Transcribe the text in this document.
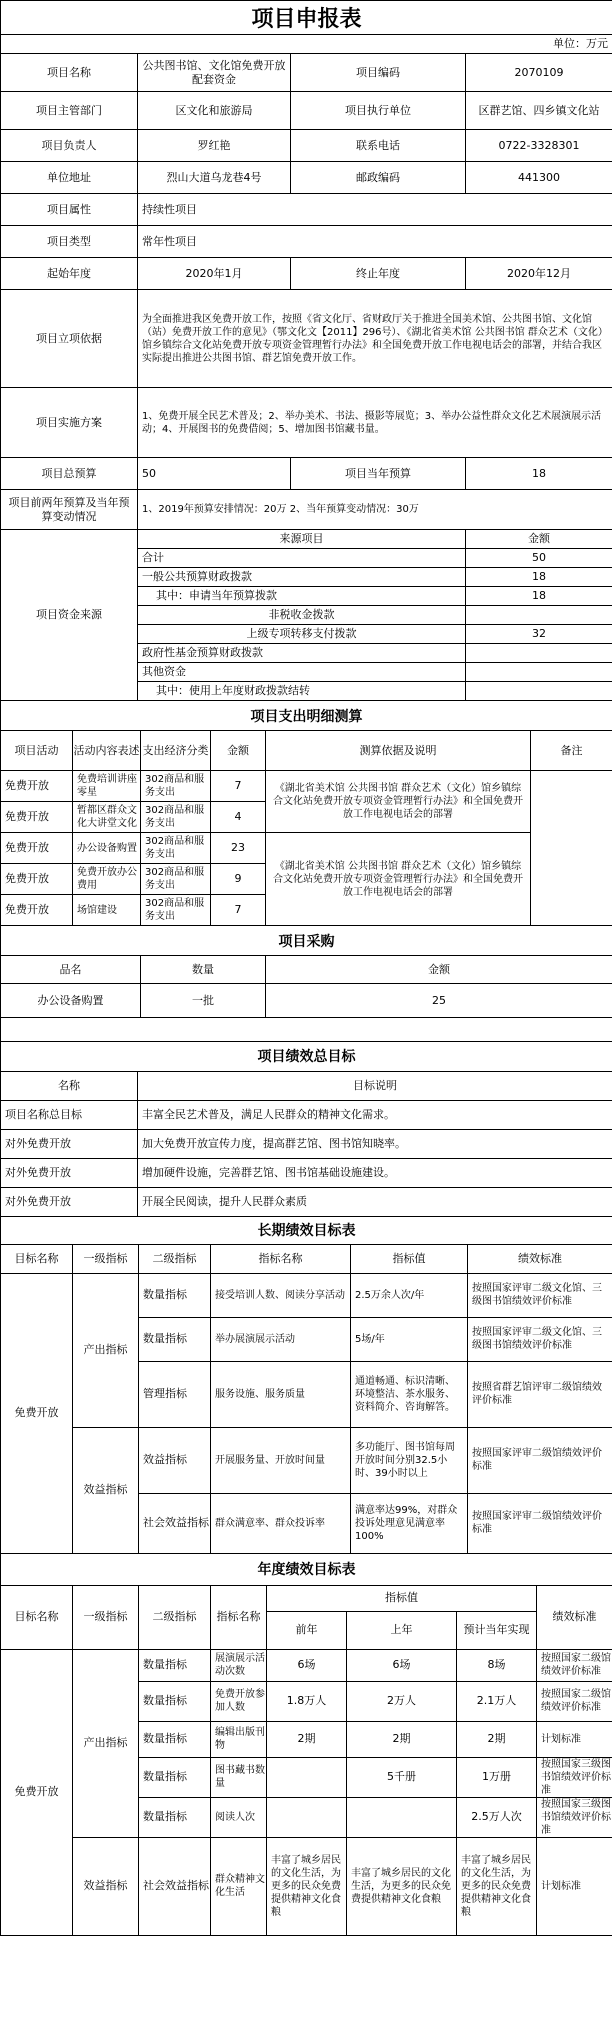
项目申报表
单位：万元
项目名称	公共图书馆、文化馆免费开放配套资金	项目编码	2070109
项目主管部门	区文化和旅游局	项目执行单位	区群艺馆、四乡镇文化站
项目负责人	罗红艳	联系电话	0722-3328301
单位地址	烈山大道乌龙巷4号	邮政编码	441300
项目属性	持续性项目		
项目类型	常年性项目		
起始年度	2020年1月	终止年度	2020年12月
项目立项依据	为全面推进我区免费开放工作，按照《省文化厅、省财政厅关于推进全国美术馆、公共图书馆、文化馆（站）免费开放工作的意见》（鄂文化文【2011】296号）、《湖北省美术馆 公共图书馆 群众艺术（文化）馆乡镇综合文化站免费开放专项资金管理暂行办法》和全国免费开放工作电视电话会的部署，并结合我区实际提出推进公共图书馆、群艺馆免费开放工作。		
项目实施方案	1、免费开展全民艺术普及；2、举办美术、书法、摄影等展览；3、举办公益性群众文化艺术展演展示活动；4、开展图书的免费借阅；5、增加图书馆藏书量。		
项目总预算	50	项目当年预算	18
项目前两年预算及当年预算变动情况	1、2019年预算安排情况：20万 2、当年预算变动情况：30万		
项目资金来源	来源项目	金额
	合计	50
	一般公共预算财政拨款	18
	其中：申请当年预算拨款	18
	非税收金拨款	
	上级专项转移支付拨款	32
	政府性基金预算财政拨款	
	其他资金	
	其中：使用上年度财政拨款结转	
项目支出明细测算					
项目活动	活动内容表述	支出经济分类	金额	测算依据及说明	备注
免费开放	免费培训讲座零星	302商品和服务支出	7	《湖北省美术馆 公共图书馆 群众艺术（文化）馆乡镇综合文化站免费开放专项资金管理暂行办法》和全国免费开放工作电视电话会的部署	
免费开放	暂都区群众文化大讲堂文化	302商品和服务支出	4		
免费开放	办公设备购置	302商品和服务支出	23	《湖北省美术馆 公共图书馆 群众艺术（文化）馆乡镇综合文化站免费开放专项资金管理暂行办法》和全国免费开放工作电视电话会的部署	
免费开放	免费开放办公费用	302商品和服务支出	9		
免费开放	场馆建设	302商品和服务支出	7		
项目采购		
品名	数量	金额
办公设备购置	一批	25

项目绩效总目标	
名称	目标说明
项目名称总目标	丰富全民艺术普及，满足人民群众的精神文化需求。
对外免费开放	加大免费开放宣传力度，提高群艺馆、图书馆知晓率。
对外免费开放	增加硬件设施，完善群艺馆、图书馆基础设施建设。
对外免费开放	开展全民阅读，提升人民群众素质
长期绩效目标表					
目标名称	一级指标	二级指标	指标名称	指标值	绩效标准
免费开放	产出指标	数量指标	接受培训人数、阅读分享活动	2.5万余人次/年	按照国家评审二级文化馆、三级图书馆绩效评价标准
		数量指标	举办展演展示活动	5场/年	按照国家评审二级文化馆、三级图书馆绩效评价标准
		管理指标	服务设施、服务质量	通道畅通、标识清晰、环境整洁、茶水服务、资料简介、咨询解答。	按照省群艺馆评审二级馆绩效评价标准
	效益指标	效益指标	开展服务量、开放时间量	多功能厅、图书馆每周开放时间分别32.5小时、39小时以上	按照国家评审二级馆绩效评价标准
		社会效益指标	群众满意率、群众投诉率	满意率达99%，对群众投诉处理意见满意率100%	按照国家评审二级馆绩效评价标准
年度绩效目标表							
目标名称	一级指标	二级指标	指标名称	指标值			绩效标准
				前年	上年	预计当年实现	
免费开放	产出指标	数量指标	展演展示活动次数	6场	6场	8场	按照国家二级馆绩效评价标准
		数量指标	免费开放参加人数	1.8万人	2万人	2.1万人	按照国家二级馆绩效评价标准
		数量指标	编辑出版刊物	2期	2期	2期	计划标准
		数量指标	图书藏书数量		5千册	1万册	按照国家三级图书馆绩效评价标准
		数量指标	阅读人次			2.5万人次	按照国家三级图书馆绩效评价标准
	效益指标	社会效益指标	群众精神文化生活	丰富了城乡居民的文化生活，为更多的民众免费提供精神文化食粮	丰富了城乡居民的文化生活，为更多的民众免费提供精神文化食粮	丰富了城乡居民的文化生活，为更多的民众免费提供精神文化食粮	计划标准
